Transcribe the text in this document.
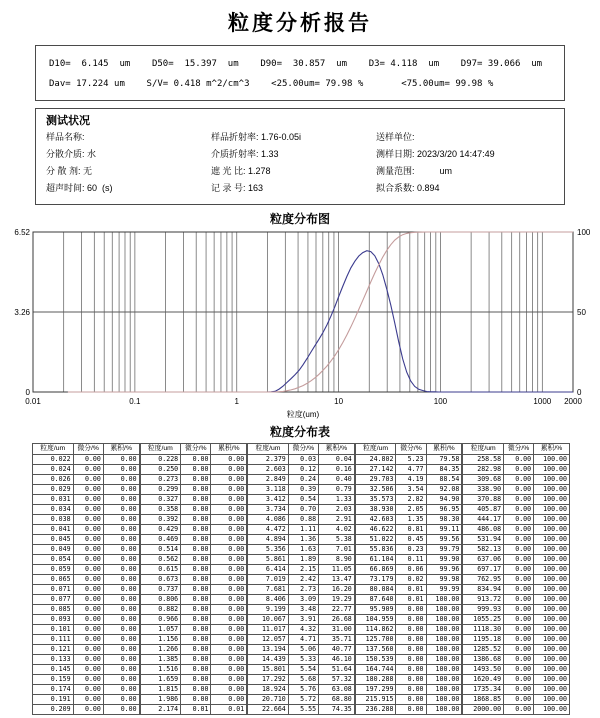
粒度分析报告
D10=  6.145  um    D50=  15.397  um    D90=  30.857  um    D3= 4.118  um    D97= 39.066  um
Dav= 17.224 um    S/V= 0.418 m^2/cm^3    <25.00um= 79.98 %       <75.00um= 99.98 %
测试状况
样品名称:
分散介质: 水
分 散 剂: 无
超声时间: 60  (s)
样品折射率: 1.76-0.05i
介质折射率: 1.33
遮 光 比: 1.278
记 录 号: 163
送样单位:
测样日期: 2023/3/20 14:47:49
测量范围:          um
拟合系数: 0.894
粒度分布图
6.52
3.26
0
100
50
0
0.01	0.1	1	10	100	1000 2000
粒度(um)
粒度分布表
粒度/um	微分/%	累积/%
0.022	0.00	0.00
0.024	0.00	0.00
0.026	0.00	0.00
0.029	0.00	0.00
0.031	0.00	0.00
0.034	0.00	0.00
0.038	0.00	0.00
0.041	0.00	0.00
0.045	0.00	0.00
0.049	0.00	0.00
0.054	0.00	0.00
0.059	0.00	0.00
0.065	0.00	0.00
0.071	0.00	0.00
0.077	0.00	0.00
0.085	0.00	0.00
0.093	0.00	0.00
0.101	0.00	0.00
0.111	0.00	0.00
0.121	0.00	0.00
0.133	0.00	0.00
0.145	0.00	0.00
0.159	0.00	0.00
0.174	0.00	0.00
0.191	0.00	0.00
0.209	0.00	0.00
粒度/um	微分/%	累积/%
0.228	0.00	0.00
0.250	0.00	0.00
0.273	0.00	0.00
0.299	0.00	0.00
0.327	0.00	0.00
0.358	0.00	0.00
0.392	0.00	0.00
0.429	0.00	0.00
0.469	0.00	0.00
0.514	0.00	0.00
0.562	0.00	0.00
0.615	0.00	0.00
0.673	0.00	0.00
0.737	0.00	0.00
0.806	0.00	0.00
0.882	0.00	0.00
0.966	0.00	0.00
1.057	0.00	0.00
1.156	0.00	0.00
1.266	0.00	0.00
1.385	0.00	0.00
1.516	0.00	0.00
1.659	0.00	0.00
1.815	0.00	0.00
1.986	0.00	0.00
2.174	0.01	0.01
粒度/um	微分/%	累积/%
2.379	0.03	0.04
2.603	0.12	0.16
2.849	0.24	0.40
3.118	0.39	0.79
3.412	0.54	1.33
3.734	0.70	2.03
4.086	0.88	2.91
4.472	1.11	4.02
4.894	1.36	5.38
5.356	1.63	7.01
5.861	1.89	8.90
6.414	2.15	11.05
7.019	2.42	13.47
7.681	2.73	16.20
8.406	3.09	19.29
9.199	3.48	22.77
10.067	3.91	26.68
11.017	4.32	31.00
12.057	4.71	35.71
13.194	5.06	40.77
14.439	5.33	46.10
15.801	5.54	51.64
17.292	5.68	57.32
18.924	5.76	63.08
20.710	5.72	68.80
22.664	5.55	74.35
粒度/um	微分/%	累积/%
24.802	5.23	79.58
27.142	4.77	84.35
29.703	4.19	88.54
32.506	3.54	92.08
35.573	2.82	94.90
38.930	2.05	96.95
42.603	1.35	98.30
46.622	0.81	99.11
51.022	0.45	99.56
55.836	0.23	99.79
61.104	0.11	99.90
66.869	0.06	99.96
73.179	0.02	99.98
80.084	0.01	99.99
87.640	0.01	100.00
95.909	0.00	100.00
104.959	0.00	100.00
114.862	0.00	100.00
125.700	0.00	100.00
137.560	0.00	100.00
150.539	0.00	100.00
164.744	0.00	100.00
180.288	0.00	100.00
197.299	0.00	100.00
215.915	0.00	100.00
236.288	0.00	100.00
粒度/um	微分/%	累积/%
258.58	0.00	100.00
282.98	0.00	100.00
309.68	0.00	100.00
338.90	0.00	100.00
370.88	0.00	100.00
405.87	0.00	100.00
444.17	0.00	100.00
486.08	0.00	100.00
531.94	0.00	100.00
582.13	0.00	100.00
637.06	0.00	100.00
697.17	0.00	100.00
762.95	0.00	100.00
834.94	0.00	100.00
913.72	0.00	100.00
999.93	0.00	100.00
1055.25	0.00	100.00
1118.30	0.00	100.00
1195.18	0.00	100.00
1285.52	0.00	100.00
1386.68	0.00	100.00
1493.50	0.00	100.00
1620.49	0.00	100.00
1735.34	0.00	100.00
1868.85	0.00	100.00
2000.00	0.00	100.00
